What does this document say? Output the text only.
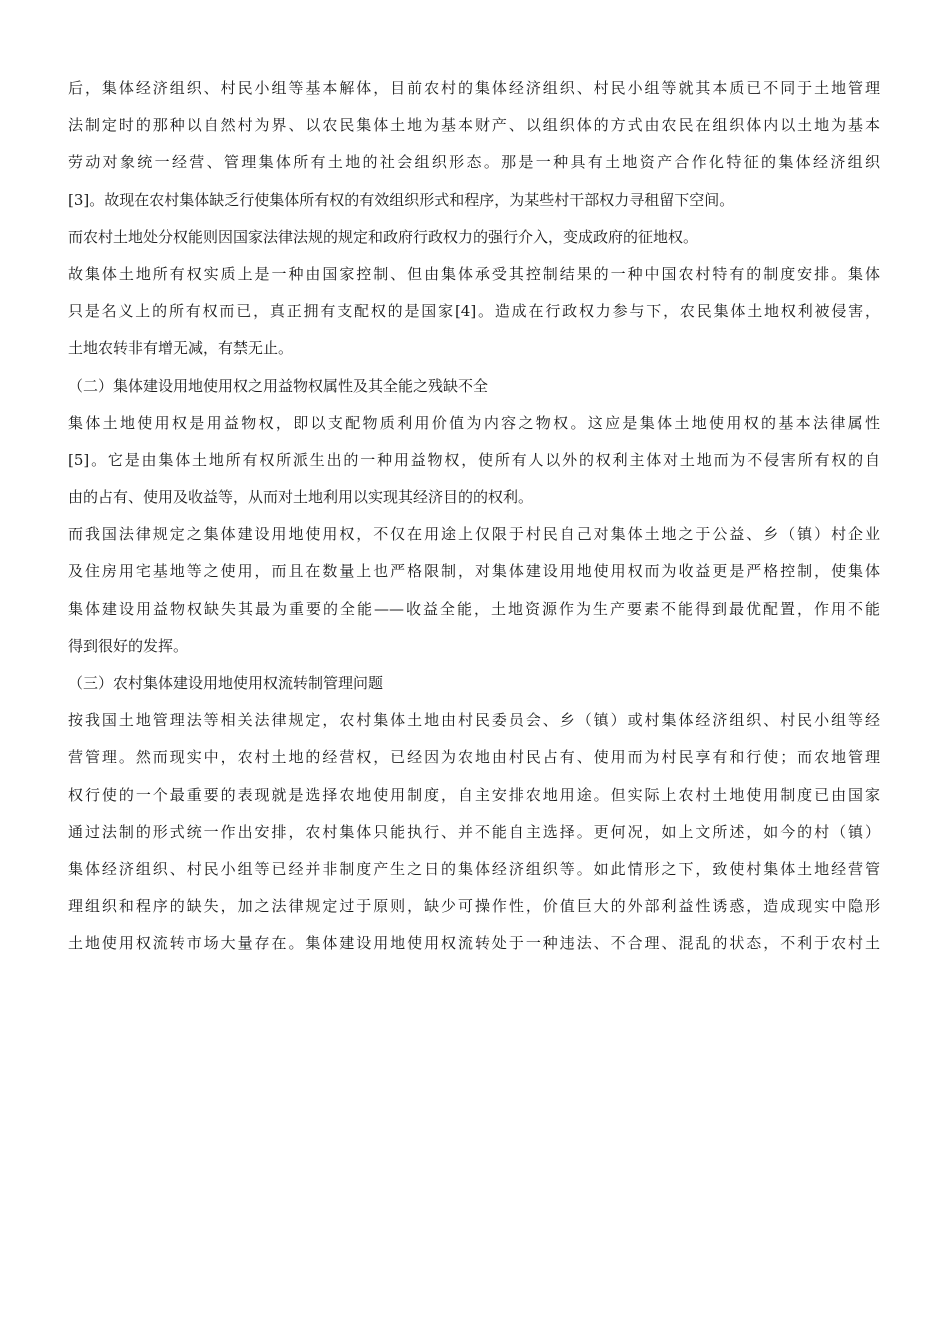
后，集体经济组织、村民小组等基本解体，目前农村的集体经济组织、村民小组等就其本质已不同于土地管理
法制定时的那种以自然村为界、以农民集体土地为基本财产、以组织体的方式由农民在组织体内以土地为基本
劳动对象统一经营、管理集体所有土地的社会组织形态。那是一种具有土地资产合作化特征的集体经济组织
[3]。故现在农村集体缺乏行使集体所有权的有效组织形式和程序，为某些村干部权力寻租留下空间。
而农村土地处分权能则因国家法律法规的规定和政府行政权力的强行介入，变成政府的征地权。
故集体土地所有权实质上是一种由国家控制、但由集体承受其控制结果的一种中国农村特有的制度安排。集体
只是名义上的所有权而已，真正拥有支配权的是国家[4]。造成在行政权力参与下，农民集体土地权利被侵害，
土地农转非有增无减，有禁无止。
（二）集体建设用地使用权之用益物权属性及其全能之残缺不全
集体土地使用权是用益物权，即以支配物质利用价值为内容之物权。这应是集体土地使用权的基本法律属性
[5]。它是由集体土地所有权所派生出的一种用益物权，使所有人以外的权利主体对土地而为不侵害所有权的自
由的占有、使用及收益等，从而对土地利用以实现其经济目的的权利。
而我国法律规定之集体建设用地使用权，不仅在用途上仅限于村民自己对集体土地之于公益、乡（镇）村企业
及住房用宅基地等之使用，而且在数量上也严格限制，对集体建设用地使用权而为收益更是严格控制，使集体
集体建设用益物权缺失其最为重要的全能——收益全能，土地资源作为生产要素不能得到最优配置，作用不能
得到很好的发挥。
（三）农村集体建设用地使用权流转制管理问题
按我国土地管理法等相关法律规定，农村集体土地由村民委员会、乡（镇）或村集体经济组织、村民小组等经
营管理。然而现实中，农村土地的经营权，已经因为农地由村民占有、使用而为村民享有和行使；而农地管理
权行使的一个最重要的表现就是选择农地使用制度，自主安排农地用途。但实际上农村土地使用制度已由国家
通过法制的形式统一作出安排，农村集体只能执行、并不能自主选择。更何况，如上文所述，如今的村（镇）
集体经济组织、村民小组等已经并非制度产生之日的集体经济组织等。如此情形之下，致使村集体土地经营管
理组织和程序的缺失，加之法律规定过于原则，缺少可操作性，价值巨大的外部利益性诱惑，造成现实中隐形
土地使用权流转市场大量存在。集体建设用地使用权流转处于一种违法、不合理、混乱的状态，不利于农村土
